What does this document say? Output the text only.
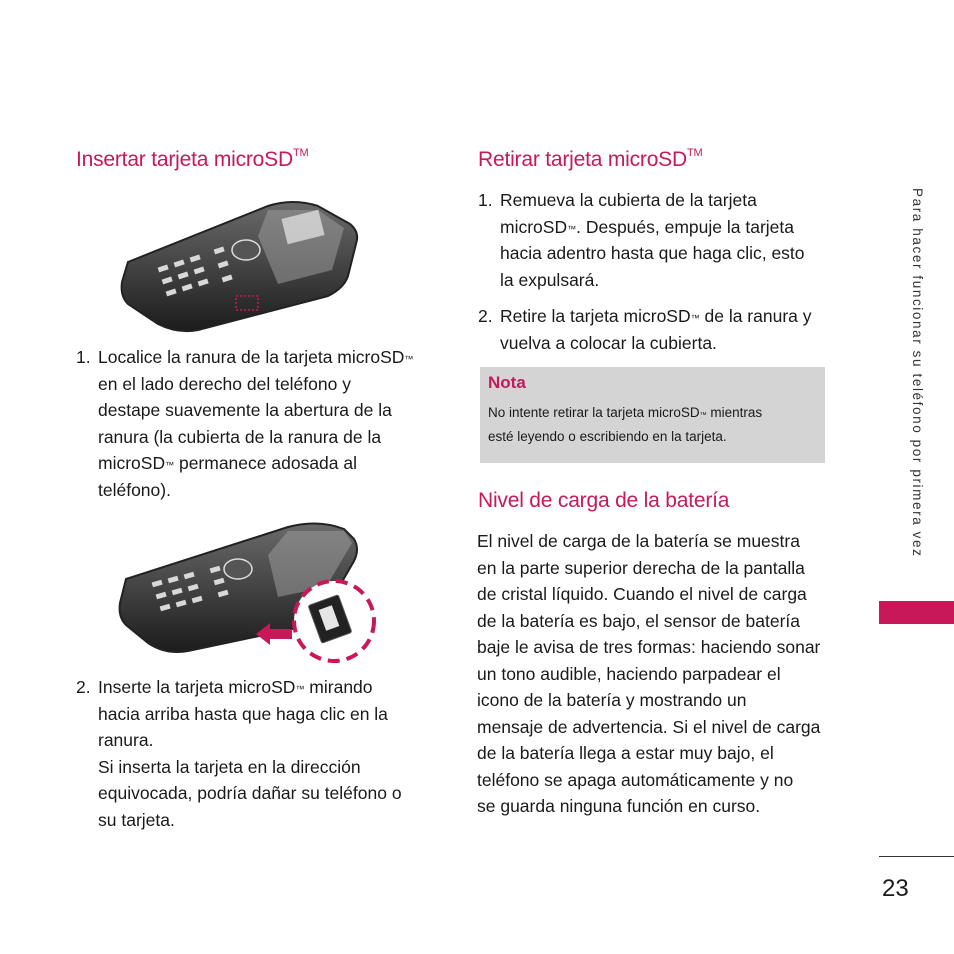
Insertar tarjeta microSD™
1. Localice la ranura de la tarjeta microSD™
en el lado derecho del teléfono y
destape suavemente la abertura de la
ranura (la cubierta de la ranura de la
microSD™ permanece adosada al
teléfono).
2. Inserte la tarjeta microSD™ mirando
hacia arriba hasta que haga clic en la
ranura.
Si inserta la tarjeta en la dirección
equivocada, podría dañar su teléfono o
su tarjeta.
Retirar tarjeta microSD™
1. Remueva la cubierta de la tarjeta
microSD™. Después, empuje la tarjeta
hacia adentro hasta que haga clic, esto
la expulsará.
2. Retire la tarjeta microSD™ de la ranura y
vuelva a colocar la cubierta.
Nota
No intente retirar la tarjeta microSD™ mientras
esté leyendo o escribiendo en la tarjeta.
Nivel de carga de la batería
El nivel de carga de la batería se muestra
en la parte superior derecha de la pantalla
de cristal líquido. Cuando el nivel de carga
de la batería es bajo, el sensor de batería
baje le avisa de tres formas: haciendo sonar
un tono audible, haciendo parpadear el
icono de la batería y mostrando un
mensaje de advertencia. Si el nivel de carga
de la batería llega a estar muy bajo, el
teléfono se apaga automáticamente y no
se guarda ninguna función en curso.
Para hacer funcionar su teléfono por primera vez
23
